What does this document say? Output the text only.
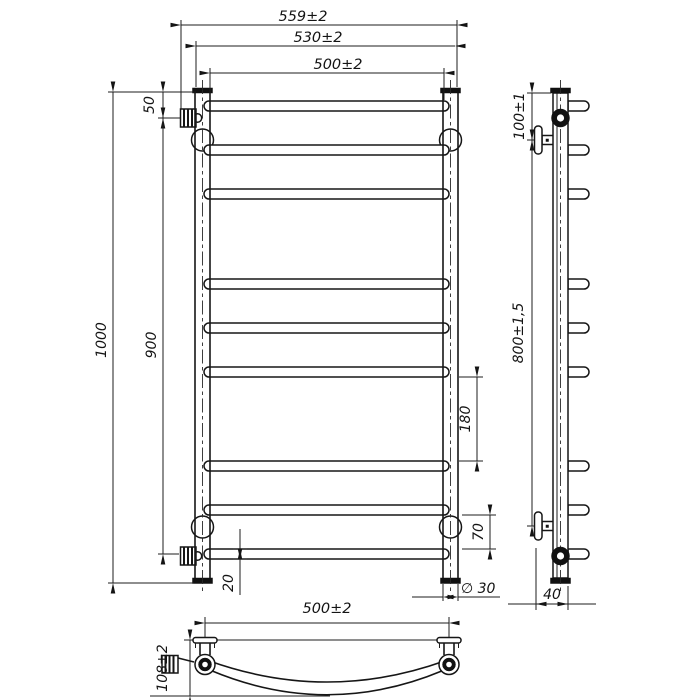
559±2
530±2
500±2
1000
50
900
180
70
20	∅ 30
500±2
108±2
100±1
800±1,5
40
